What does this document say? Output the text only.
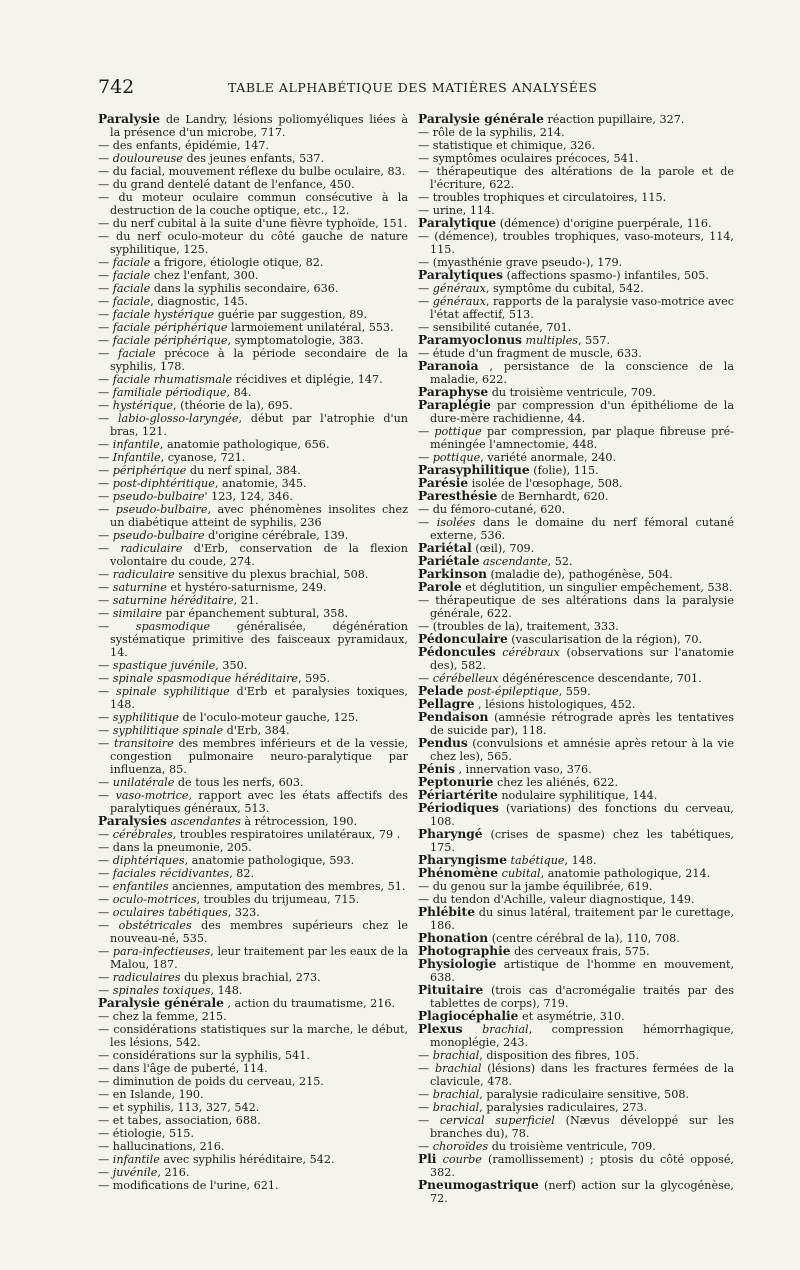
742	TABLE ALPHABÉTIQUE DES MATIÈRES ANALYSÉES

Paralysie de Landry, lésions poliomyéliques liées à la présence d'un microbe, 717.

— des enfants, épidémie, 147.

— douloureuse des jeunes enfants, 537.

— du facial, mouvement réflexe du bulbe oculaire, 83.

— du grand dentelé datant de l'enfance, 450.

— du moteur oculaire commun consécutive à la destruction de la couche optique, etc., 12.

— du nerf cubital à la suite d'une fièvre typhoïde, 151.

— du nerf oculo-moteur du côté gauche de nature syphilitique, 125.

— faciale a frigore, étiologie otique, 82.

— faciale chez l'enfant, 300.

— faciale dans la syphilis secondaire, 636.

— faciale, diagnostic, 145.

— faciale hystérique guérie par suggestion, 89.

— faciale périphérique larmoiement unilatéral, 553.

— faciale périphérique, symptomatologie, 383.

— faciale précoce à la période secondaire de la syphilis, 178.

— faciale rhumatismale récidives et diplégie, 147.

— familiale périodique, 84.

— hystérique, (théorie de la), 695.

— labio-glosso-laryngée, début par l'atrophie d'un bras, 121.

— infantile, anatomie pathologique, 656.

— Infantile, cyanose, 721.

— périphérique du nerf spinal, 384.

— post-diphtéritique, anatomie, 345.

— pseudo-bulbaire' 123, 124, 346.

— pseudo-bulbaire, avec phénomènes insolites chez un diabétique atteint de syphilis, 236

— pseudo-bulbaire d'origine cérébrale, 139.

— radiculaire d'Erb, conservation de la flexion volontaire du coude, 274.

— radiculaire sensitive du plexus brachial, 508.

— saturnine et hystéro-saturnisme, 249.

— saturnine héréditaire, 21.

— similaire par épanchement subtural, 358.

— spasmodique généralisée, dégénération systématique primitive des faisceaux pyramidaux, 14.

— spastique juvénile, 350.

— spinale spasmodique héréditaire, 595.

— spinale syphilitique d'Erb et paralysies toxiques, 148.

— syphilitique de l'oculo-moteur gauche, 125.

— syphilitique spinale d'Erb, 384.

— transitoire des membres inférieurs et de la vessie, congestion pulmonaire neuro-paralytique par influenza, 85.

— unilatérale de tous les nerfs, 603.

— vaso-motrice, rapport avec les états affectifs des paralytiques généraux, 513.

Paralysies ascendantes à rétrocession, 190.

— cérébrales, troubles respiratoires unilatéraux, 79 .

— dans la pneumonie, 205.

— diphtériques, anatomie pathologique, 593.

— faciales récidivantes, 82.

— enfantiles anciennes, amputation des membres, 51.

— oculo-motrices, troubles du trijumeau, 715.

— oculaires tabétiques, 323.

— obstétricales des membres supérieurs chez le nouveau-né, 535.

— para-infectieuses, leur traitement par les eaux de la Malou, 187.

— radiculaires du plexus brachial, 273.

— spinales toxiques, 148.

Paralysie générale , action du traumatisme, 216.

— chez la femme, 215.

— considérations statistiques sur la marche, le début, les lésions, 542.

— considérations sur la syphilis, 541.

— dans l'âge de puberté, 114.

— diminution de poids du cerveau, 215.

— en Islande, 190.

— et syphilis, 113, 327, 542.

— et tabes, association, 688.

— étiologie, 515.

— hallucinations, 216.

— infantile avec syphilis héréditaire, 542.

— juvénile, 216.

— modifications de l'urine, 621.

Paralysie générale réaction pupillaire, 327.

— rôle de la syphilis, 214.

— statistique et chimique, 326.

— symptômes oculaires précoces, 541.

— thérapeutique des altérations de la parole et de l'écriture, 622.

— troubles trophiques et circulatoires, 115.

— urine, 114.

Paralytique (démence) d'origine puerpérale, 116.

— (démence), troubles trophiques, vaso-moteurs, 114, 115.

— (myasthénie grave pseudo-), 179.

Paralytiques (affections spasmo-) infantiles, 505.

— généraux, symptôme du cubital, 542.

— généraux, rapports de la paralysie vaso-motrice avec l'état affectif, 513.

— sensibilité cutanée, 701.

Paramyoclonus multiples, 557.

— étude d'un fragment de muscle, 633.

Paranoia , persistance de la conscience de la maladie, 622.

Paraphyse du troisième ventricule, 709.

Paraplégie par compression d'un épithéliome de la dure-mère rachidienne, 44.

— pottique par compression, par plaque fibreuse pré-méningée l'amnectomie, 448.

— pottique, variété anormale, 240.

Parasyphilitique (folie), 115.

Parésie isolée de l'œsophage, 508.

Paresthésie de Bernhardt, 620.

— du fémoro-cutané, 620.

— isolées dans le domaine du nerf fémoral cutané externe, 536.

Pariétal (œil), 709.

Pariétale ascendante, 52.

Parkinson (maladie de), pathogénèse, 504.

Parole et déglutition, un singulier empêchement, 538.

— thérapeutique de ses altérations dans la paralysie générale, 622.

— (troubles de la), traitement, 333.

Pédonculaire (vascularisation de la région), 70.

Pédoncules cérébraux (observations sur l'anatomie des), 582.

— cérébelleux dégénérescence descendante, 701.

Pelade post-épileptique, 559.

Pellagre , lésions histologiques, 452.

Pendaison (amnésie rétrograde après les tentatives de suicide par), 118.

Pendus (convulsions et amnésie après retour à la vie chez les), 565.

Pénis , innervation vaso, 376.

Peptonurie chez les aliénés, 622.

Périartérite nodulaire syphilitique, 144.

Périodiques (variations) des fonctions du cerveau, 108.

Pharyngé (crises de spasme) chez les tabétiques, 175.

Pharyngisme tabétique, 148.

Phénomène cubital, anatomie pathologique, 214.

— du genou sur la jambe équilibrée, 619.

— du tendon d'Achille, valeur diagnostique, 149.

Phlébite du sinus latéral, traitement par le curettage, 186.

Phonation (centre cérébral de la), 110, 708.

Photographie des cerveaux frais, 575.

Physiologie artistique de l'homme en mouvement, 638.

Pituitaire (trois cas d'acromégalie traités par des tablettes de corps), 719.

Plagiocéphalie et asymétrie, 310.

Plexus brachial, compression hémorrhagique, monoplégie, 243.

— brachial, disposition des fibres, 105.

— brachial (lésions) dans les fractures fermées de la clavicule, 478.

— brachial, paralysie radiculaire sensitive, 508.

— brachial, paralysies radiculaires, 273.

— cervical superficiel (Nævus développé sur les branches du), 78.

— choroïdes du troisième ventricule, 709.

Pli courbe (ramollissement) ; ptosis du côté opposé, 382.

Pneumogastrique (nerf) action sur la glycogénèse, 72.
